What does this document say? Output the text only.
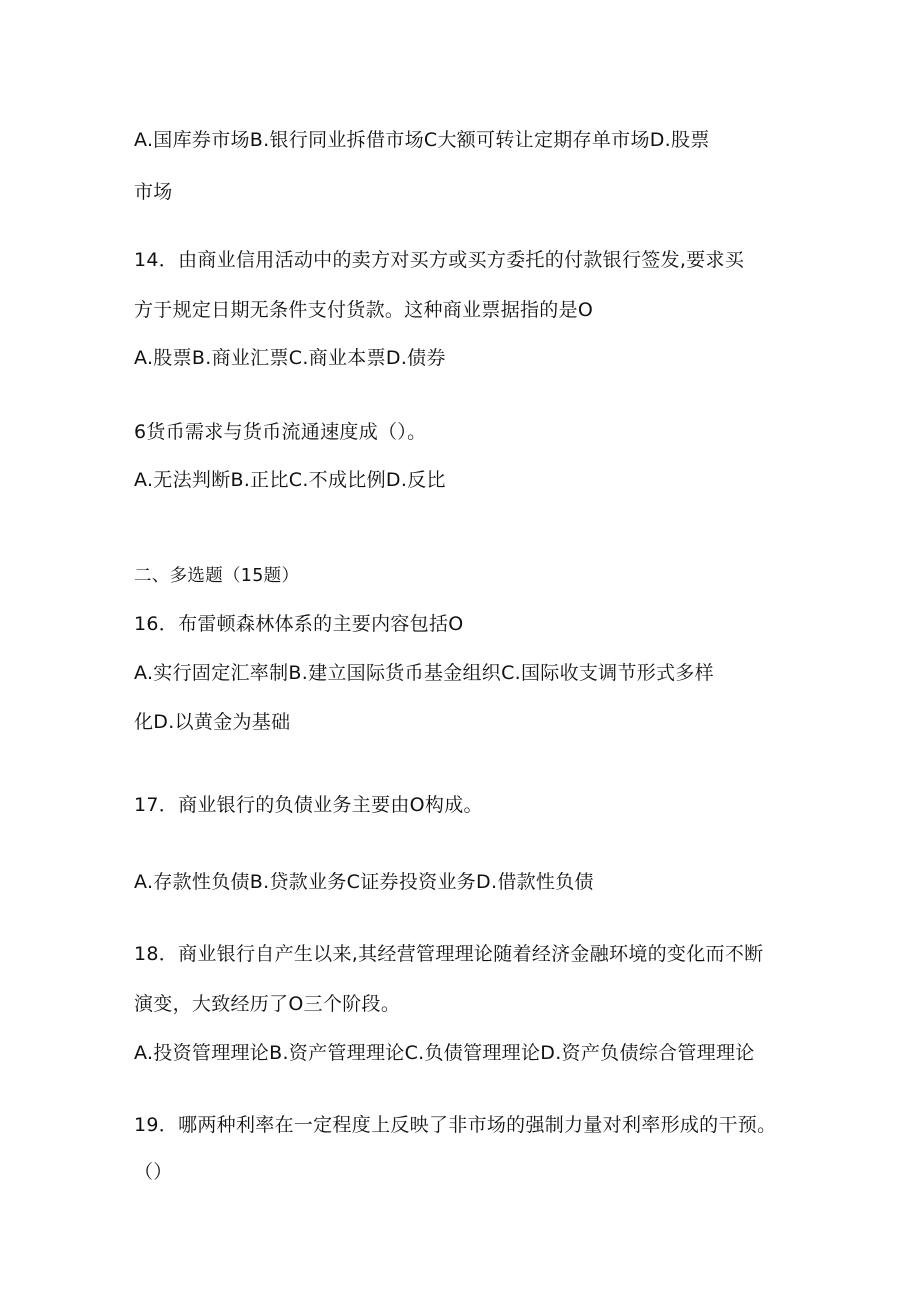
A.国库券市场B.银行同业拆借市场C大额可转让定期存单市场D.股票
市场
14．由商业信用活动中的卖方对买方或买方委托的付款银行签发,要求买
方于规定日期无条件支付货款。这种商业票据指的是O
A.股票B.商业汇票C.商业本票D.债券
6货币需求与货币流通速度成（）。
A.无法判断B.正比C.不成比例D.反比
二、多选题（15题）
16．布雷顿森林体系的主要内容包括O
A.实行固定汇率制B.建立国际货币基金组织C.国际收支调节形式多样
化D.以黄金为基础
17．商业银行的负债业务主要由O构成。
A.存款性负债B.贷款业务C证券投资业务D.借款性负债
18．商业银行自产生以来,其经营管理理论随着经济金融环境的变化而不断
演变，大致经历了O三个阶段。
A.投资管理理论B.资产管理理论C.负债管理理论D.资产负债综合管理理论
19．哪两种利率在一定程度上反映了非市场的强制力量对利率形成的干预。
（）
